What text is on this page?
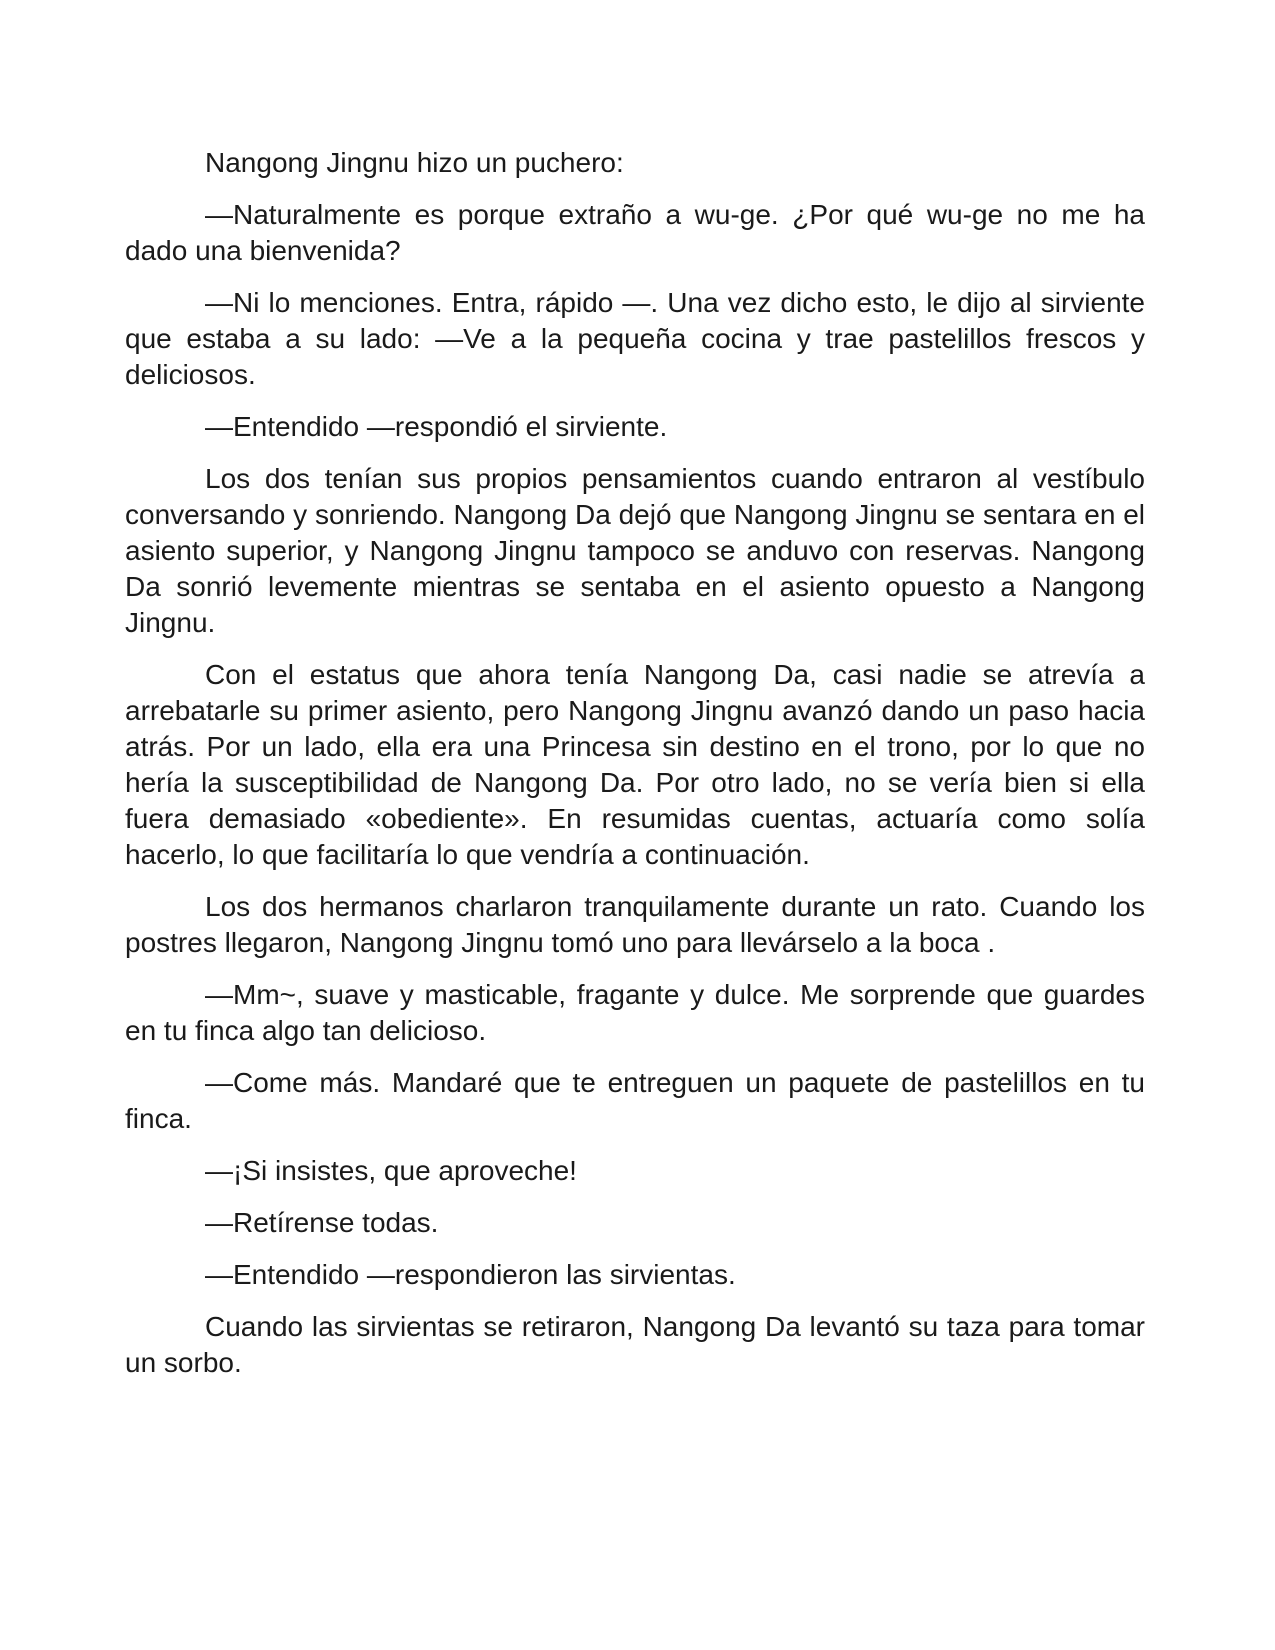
Nangong Jingnu hizo un puchero:

—Naturalmente es porque extraño a wu-ge. ¿Por qué wu-ge no me ha dado una bienvenida?

—Ni lo menciones. Entra, rápido —. Una vez dicho esto, le dijo al sirviente que estaba a su lado: —Ve a la pequeña cocina y trae pastelillos frescos y deliciosos.

—Entendido —respondió el sirviente.

Los dos tenían sus propios pensamientos cuando entraron al vestíbulo conversando y sonriendo. Nangong Da dejó que Nangong Jingnu se sentara en el asiento superior, y Nangong Jingnu tampoco se anduvo con reservas. Nangong Da sonrió levemente mientras se sentaba en el asiento opuesto a Nangong Jingnu.

Con el estatus que ahora tenía Nangong Da, casi nadie se atrevía a arrebatarle su primer asiento, pero Nangong Jingnu avanzó dando un paso hacia atrás. Por un lado, ella era una Princesa sin destino en el trono, por lo que no hería la susceptibilidad de Nangong Da. Por otro lado, no se vería bien si ella fuera demasiado «obediente». En resumidas cuentas, actuaría como solía hacerlo, lo que facilitaría lo que vendría a continuación.

Los dos hermanos charlaron tranquilamente durante un rato. Cuando los postres llegaron, Nangong Jingnu tomó uno para llevárselo a la boca .

—Mm~, suave y masticable, fragante y dulce. Me sorprende que guardes en tu finca algo tan delicioso.

—Come más. Mandaré que te entreguen un paquete de pastelillos en tu finca.

—¡Si insistes, que aproveche!

—Retírense todas.

—Entendido —respondieron las sirvientas.

Cuando las sirvientas se retiraron, Nangong Da levantó su taza para tomar un sorbo.
